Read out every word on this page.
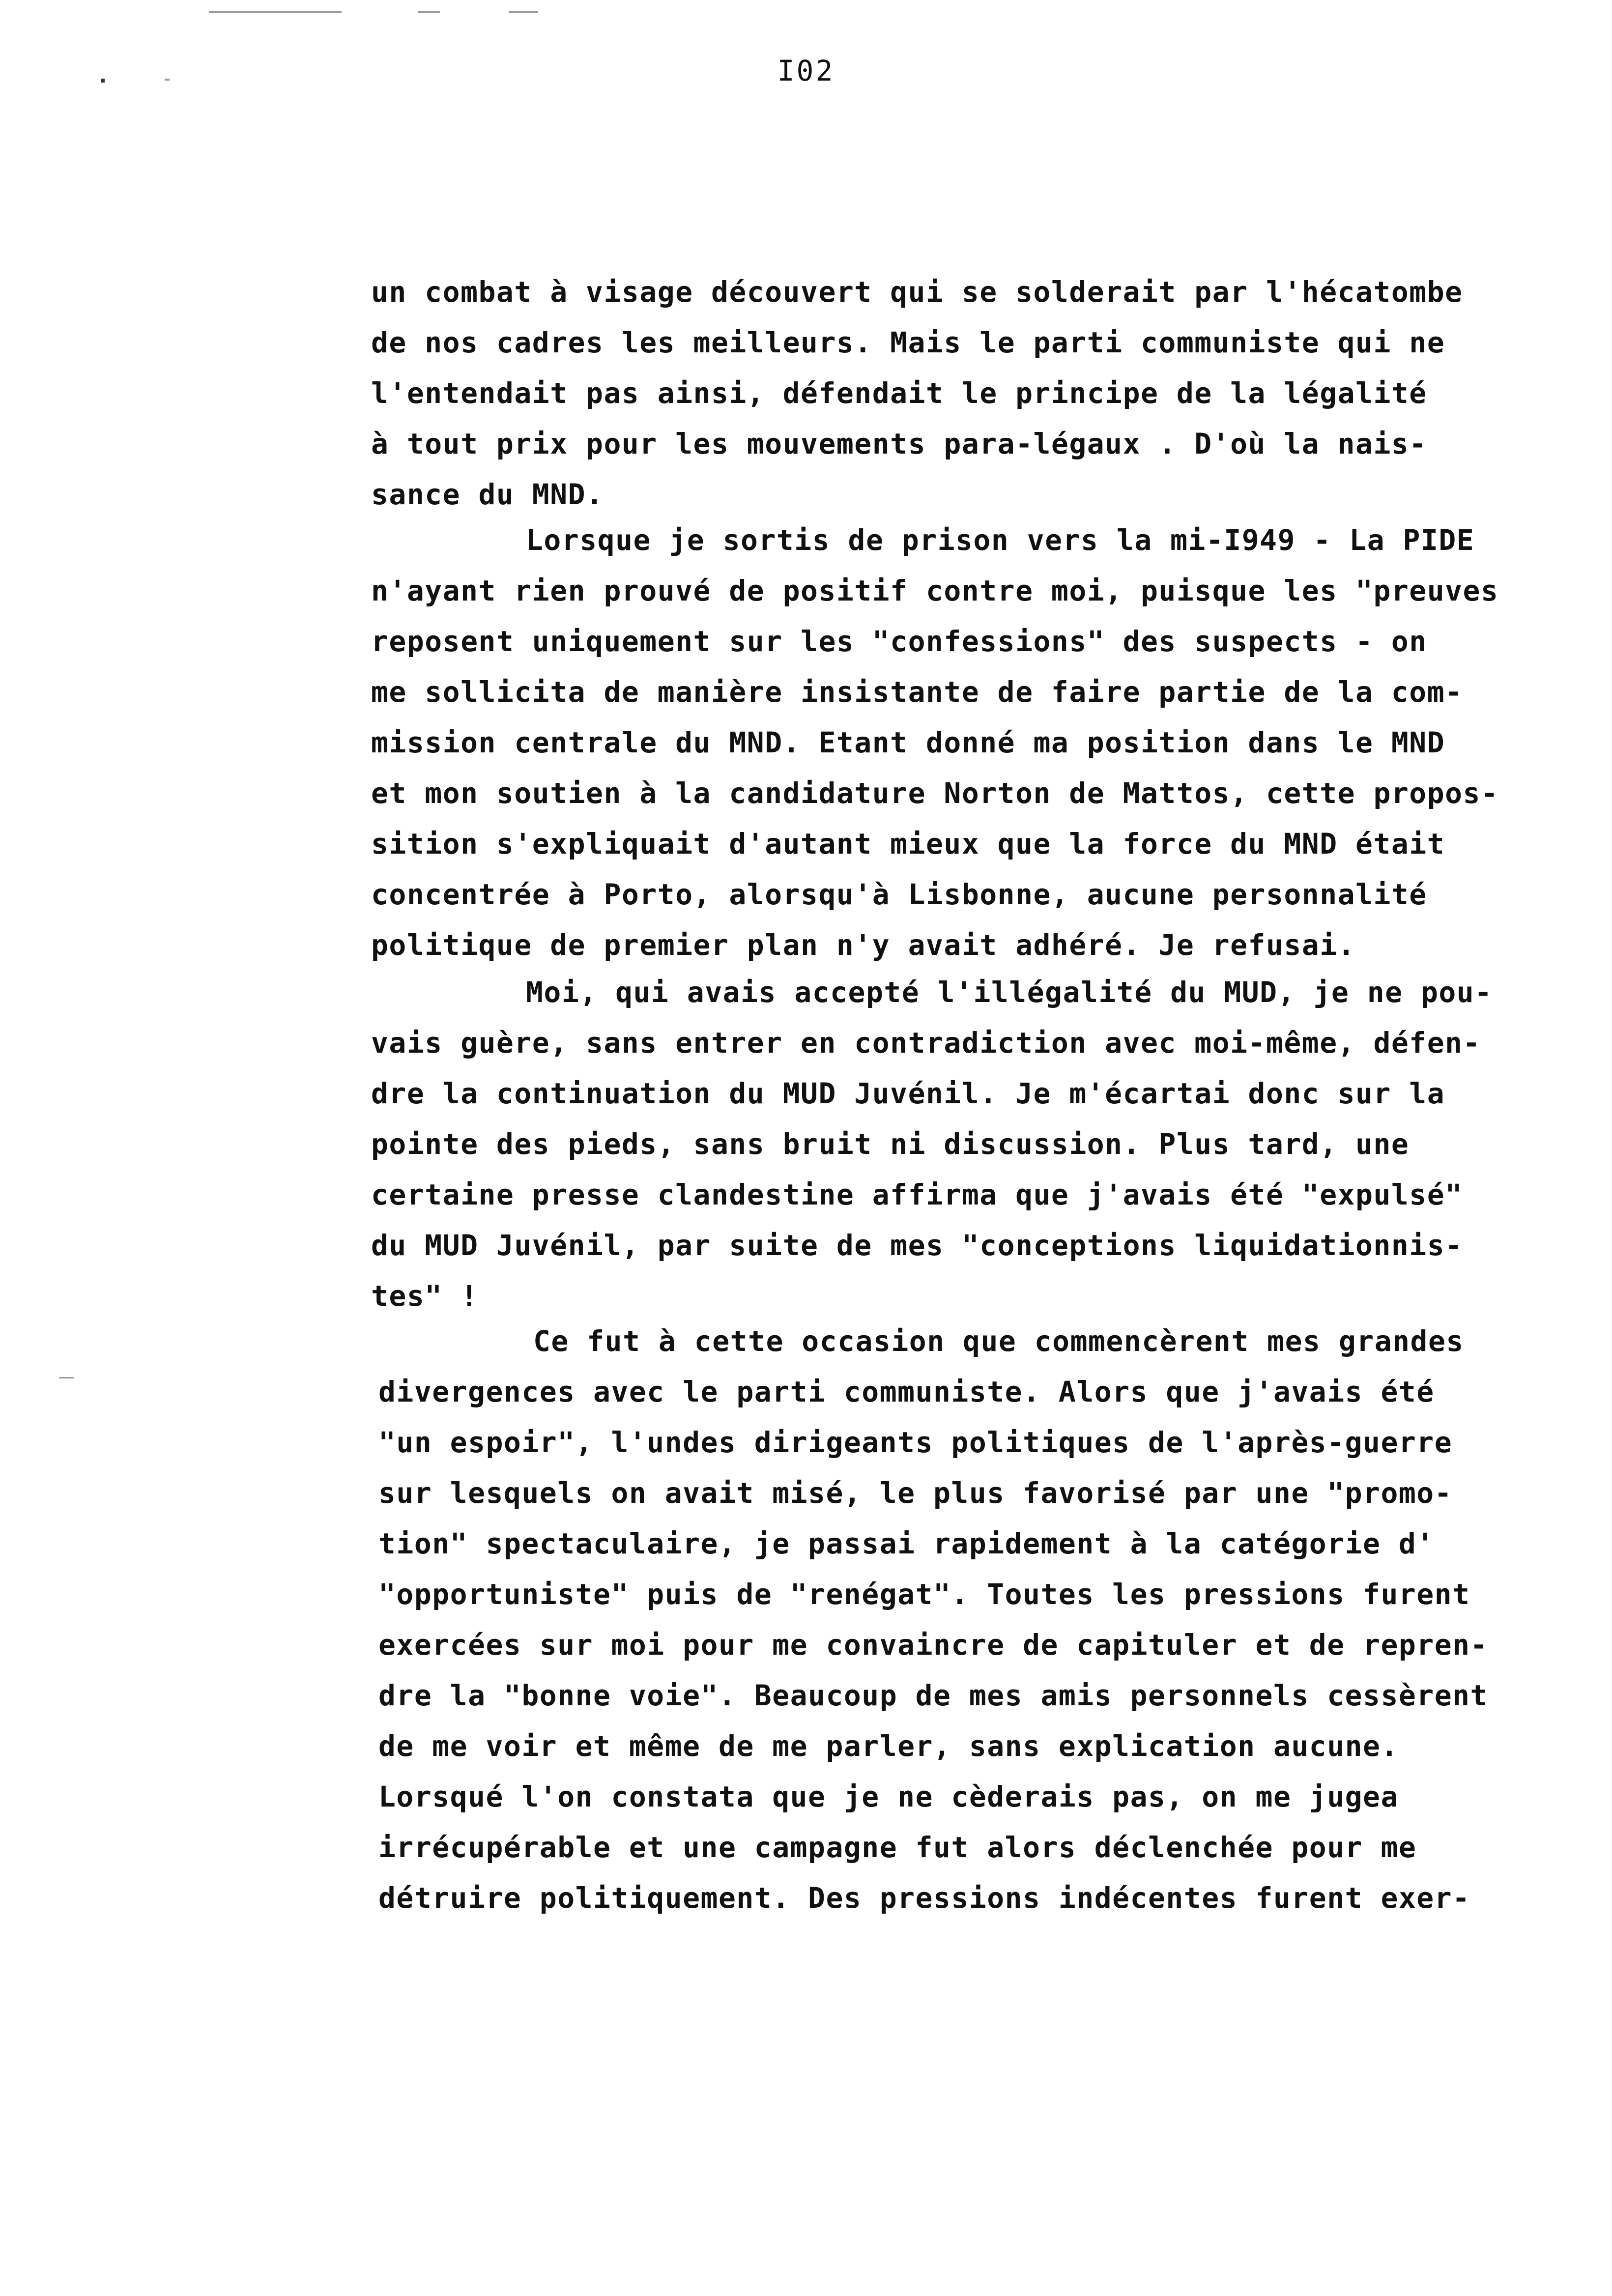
I02
un combat à visage découvert qui se solderait par l'hécatombe
de nos cadres les meilleurs. Mais le parti communiste qui ne
l'entendait pas ainsi, défendait le principe de la légalité
à tout prix pour les mouvements para-légaux . D'où la nais-
sance du MND.
Lorsque je sortis de prison vers la mi-I949 - La PIDE
n'ayant rien prouvé de positif contre moi, puisque les "preuves
reposent uniquement sur les "confessions" des suspects - on
me sollicita de manière insistante de faire partie de la com-
mission centrale du MND. Etant donné ma position dans le MND
et mon soutien à la candidature Norton de Mattos, cette propos-
sition s'expliquait d'autant mieux que la force du MND était
concentrée à Porto, alorsqu'à Lisbonne, aucune personnalité
politique de premier plan n'y avait adhéré. Je refusai.
Moi, qui avais accepté l'illégalité du MUD, je ne pou-
vais guère, sans entrer en contradiction avec moi-même, défen-
dre la continuation du MUD Juvénil. Je m'écartai donc sur la
pointe des pieds, sans bruit ni discussion. Plus tard, une
certaine presse clandestine affirma que j'avais été "expulsé"
du MUD Juvénil, par suite de mes "conceptions liquidationnis-
tes" !
Ce fut à cette occasion que commencèrent mes grandes
divergences avec le parti communiste. Alors que j'avais été
"un espoir", l'undes dirigeants politiques de l'après-guerre
sur lesquels on avait misé, le plus favorisé par une "promo-
tion" spectaculaire, je passai rapidement à la catégorie d'
"opportuniste" puis de "renégat". Toutes les pressions furent
exercées sur moi pour me convaincre de capituler et de repren-
dre la "bonne voie". Beaucoup de mes amis personnels cessèrent
de me voir et même de me parler, sans explication aucune.
Lorsqué l'on constata que je ne cèderais pas, on me jugea
irrécupérable et une campagne fut alors déclenchée pour me
détruire politiquement. Des pressions indécentes furent exer-
